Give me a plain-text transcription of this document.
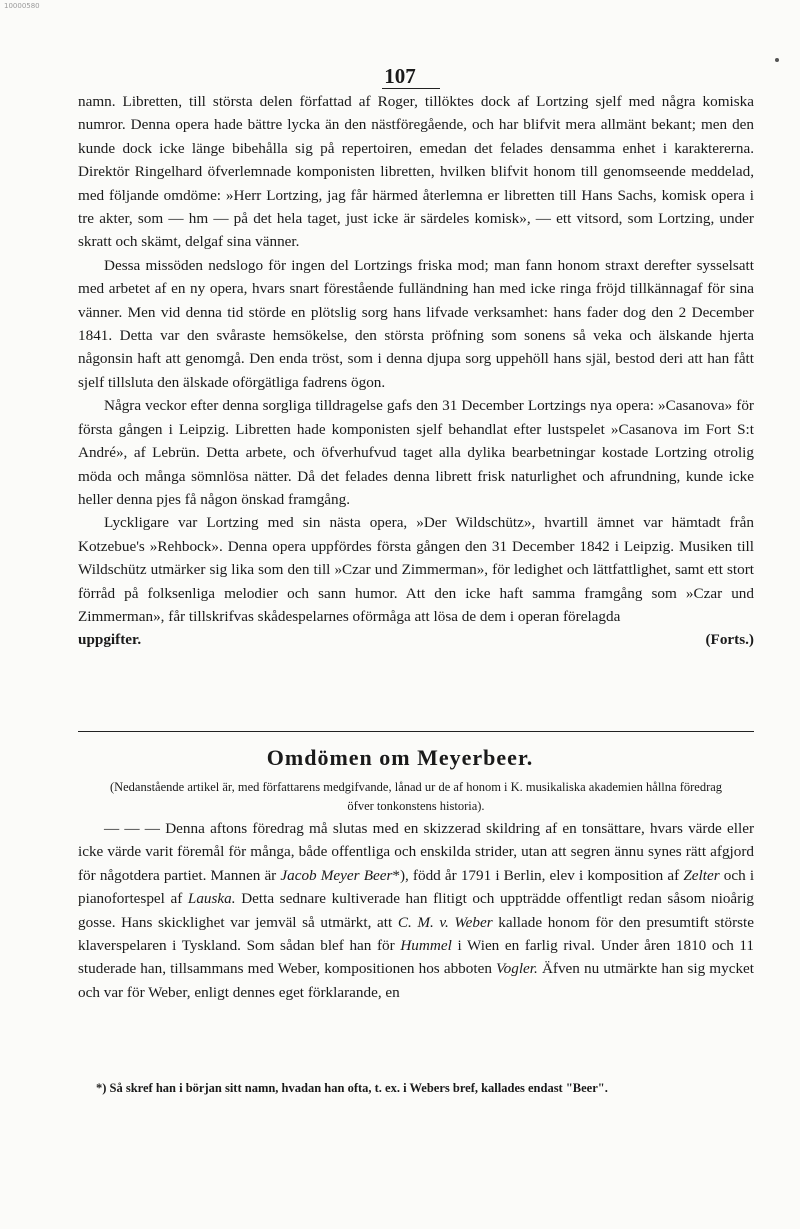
10000580
107

namn. Libretten, till största delen författad af Roger, tillöktes dock af Lortzing sjelf med några komiska numror. Denna opera hade bättre lycka än den nästföregående, och har blifvit mera allmänt bekant; men den kunde dock icke länge bibehålla sig på repertoiren, emedan det felades densamma enhet i karaktererna. Direktör Ringelhard öfverlemnade komponisten libretten, hvilken blifvit honom till genomseende meddelad, med följande omdöme: »Herr Lortzing, jag får härmed återlemna er libretten till Hans Sachs, komisk opera i tre akter, som — hm — på det hela taget, just icke är särdeles komisk», — ett vitsord, som Lortzing, under skratt och skämt, delgaf sina vänner.

Dessa missöden nedslogo för ingen del Lortzings friska mod; man fann honom straxt derefter sysselsatt med arbetet af en ny opera, hvars snart förestående fulländning han med icke ringa fröjd tillkännagaf för sina vänner. Men vid denna tid störde en plötslig sorg hans lifvade verksamhet: hans fader dog den 2 December 1841. Detta var den svåraste hemsökelse, den största pröfning som sonens så veka och älskande hjerta någonsin haft att genomgå. Den enda tröst, som i denna djupa sorg uppehöll hans själ, bestod deri att han fått sjelf tillsluta den älskade oförgätliga fadrens ögon.

Några veckor efter denna sorgliga tilldragelse gafs den 31 December Lortzings nya opera: »Casanova» för första gången i Leipzig. Libretten hade komponisten sjelf behandlat efter lustspelet »Casanova im Fort S:t André», af Lebrün. Detta arbete, och öfverhufvud taget alla dylika bearbetningar kostade Lortzing otrolig möda och många sömnlösa nätter. Då det felades denna librett frisk naturlighet och afrundning, kunde icke heller denna pjes få någon önskad framgång.

Lyckligare var Lortzing med sin nästa opera, »Der Wildschütz», hvartill ämnet var hämtadt från Kotzebue's »Rehbock». Denna opera uppfördes första gången den 31 December 1842 i Leipzig. Musiken till Wildschütz utmärker sig lika som den till »Czar und Zimmerman», för ledighet och lättfattlighet, samt ett stort förråd på folksenliga melodier och sann humor. Att den icke haft samma framgång som »Czar und Zimmerman», får tillskrifvas skådespelarnes oförmåga att lösa de dem i operan förelagda

uppgifter.	(Forts.)
Omdömen om Meyerbeer.
(Nedanstående artikel är, med författarens medgifvande, lånad ur de af honom i K. musikaliska akademien hållna föredrag öfver tonkonstens historia).

— — — Denna aftons föredrag må slutas med en skizzerad skildring af en tonsättare, hvars värde eller icke värde varit föremål för många, både offentliga och enskilda strider, utan att segren ännu synes rätt afgjord för någotdera partiet. Mannen är Jacob Meyer Beer*), född år 1791 i Berlin, elev i komposition af Zelter och i pianofortespel af Lauska. Detta sednare kultiverade han flitigt och uppträdde offentligt redan såsom nioårig gosse. Hans skicklighet var jemväl så utmärkt, att C. M. v. Weber kallade honom för den presumtift störste klaverspelaren i Tyskland. Som sådan blef han för Hummel i Wien en farlig rival. Under åren 1810 och 11 studerade han, tillsammans med Weber, kompositionen hos abboten Vogler. Äfven nu utmärkte han sig mycket och var för Weber, enligt dennes eget förklarande, en

*) Så skref han i början sitt namn, hvadan han ofta, t. ex. i Webers bref, kallades endast "Beer".
